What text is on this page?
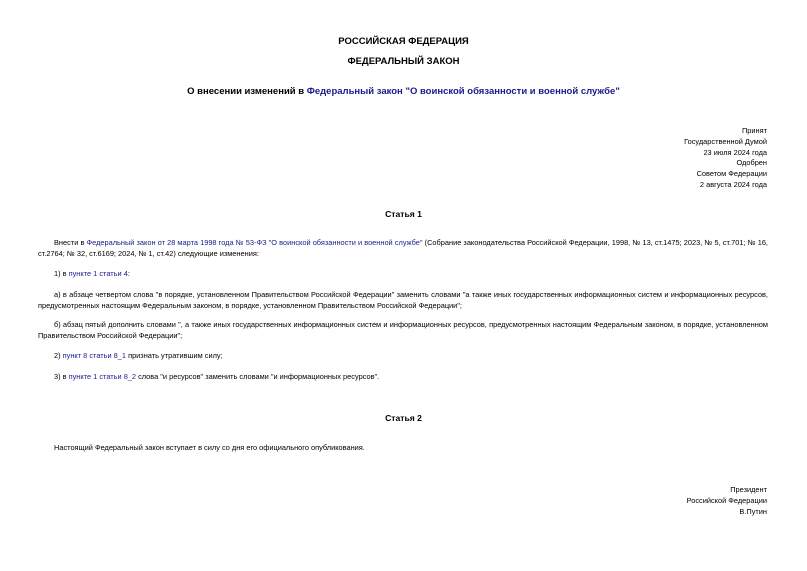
РОССИЙСКАЯ ФЕДЕРАЦИЯ
ФЕДЕРАЛЬНЫЙ ЗАКОН
О внесении изменений в Федеральный закон "О воинской обязанности и военной службе"
Принят
Государственной Думой
23 июля 2024 года
Одобрен
Советом Федерации
2 августа 2024 года
Статья 1
Внести в Федеральный закон от 28 марта 1998 года № 53-ФЗ "О воинской обязанности и военной службе" (Собрание законодательства Российской Федерации, 1998, № 13, ст.1475; 2023, № 5, ст.701; № 16, ст.2764; № 32, ст.6169; 2024, № 1, ст.42) следующие изменения:
1) в пункте 1 статьи 4:
а) в абзаце четвертом слова "в порядке, установленном Правительством Российской Федерации" заменить словами "а также иных государственных информационных систем и информационных ресурсов, предусмотренных настоящим Федеральным законом, в порядке, установленном Правительством Российской Федерации";
б) абзац пятый дополнить словами ", а также иных государственных информационных систем и информационных ресурсов, предусмотренных настоящим Федеральным законом, в порядке, установленном Правительством Российской Федерации";
2) пункт 8 статьи 8_1 признать утратившим силу;
3) в пункте 1 статьи 8_2 слова "и ресурсов" заменить словами "и информационных ресурсов".
Статья 2
Настоящий Федеральный закон вступает в силу со дня его официального опубликования.
Президент
Российской Федерации
В.Путин
